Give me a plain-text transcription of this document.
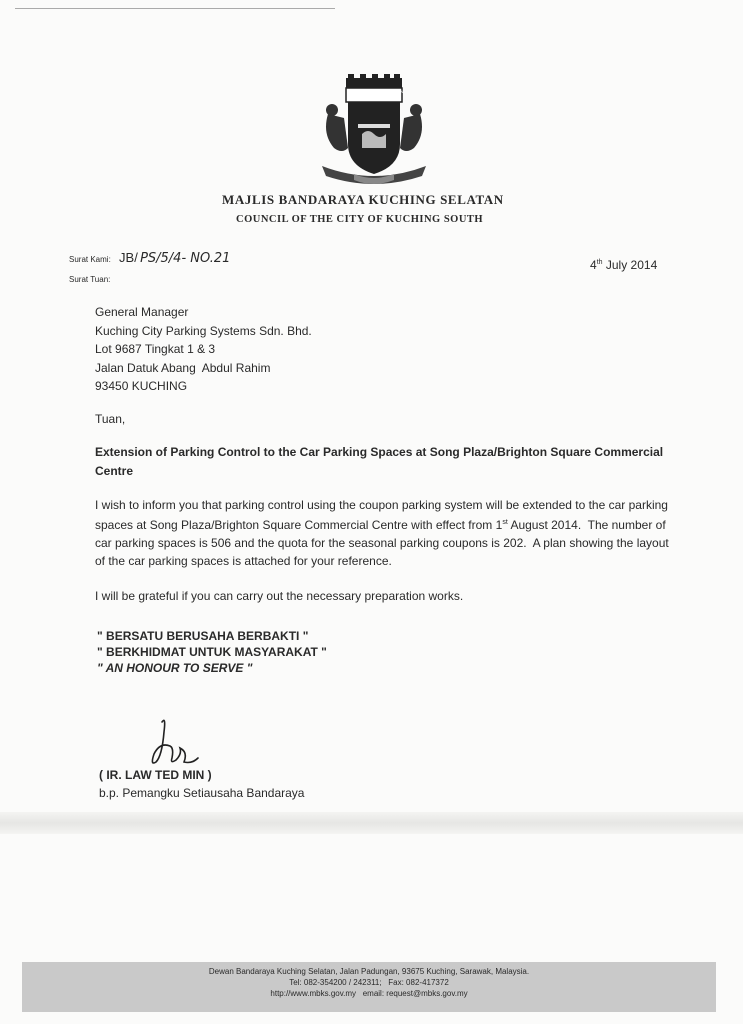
BANDARAYA KUCHING SELATAN
MAJLIS BANDARAYA KUCHING SELATAN
COUNCIL OF THE CITY OF KUCHING SOUTH
Surat Kami: JB/ PS/5/4- NO.21
Surat Tuan:
4th July 2014
General Manager
Kuching City Parking Systems Sdn. Bhd.
Lot 9687 Tingkat 1 & 3
Jalan Datuk Abang  Abdul Rahim
93450 KUCHING
Tuan,
Extension of Parking Control to the Car Parking Spaces at Song Plaza/Brighton Square Commercial Centre
I wish to inform you that parking control using the coupon parking system will be extended to the car parking spaces at Song Plaza/Brighton Square Commercial Centre with effect from 1st August 2014.  The number of car parking spaces is 506 and the quota for the seasonal parking coupons is 202.  A plan showing the layout of the car parking spaces is attached for your reference.
I will be grateful if you can carry out the necessary preparation works.
" BERSATU BERUSAHA BERBAKTI "
" BERKHIDMAT UNTUK MASYARAKAT "
" AN HONOUR TO SERVE "
( IR. LAW TED MIN )
b.p. Pemangku Setiausaha Bandaraya
Dewan Bandaraya Kuching Selatan, Jalan Padungan, 93675 Kuching, Sarawak, Malaysia.
Tel: 082-354200 / 242311;   Fax: 082-417372
http://www.mbks.gov.my   email: request@mbks.gov.my
